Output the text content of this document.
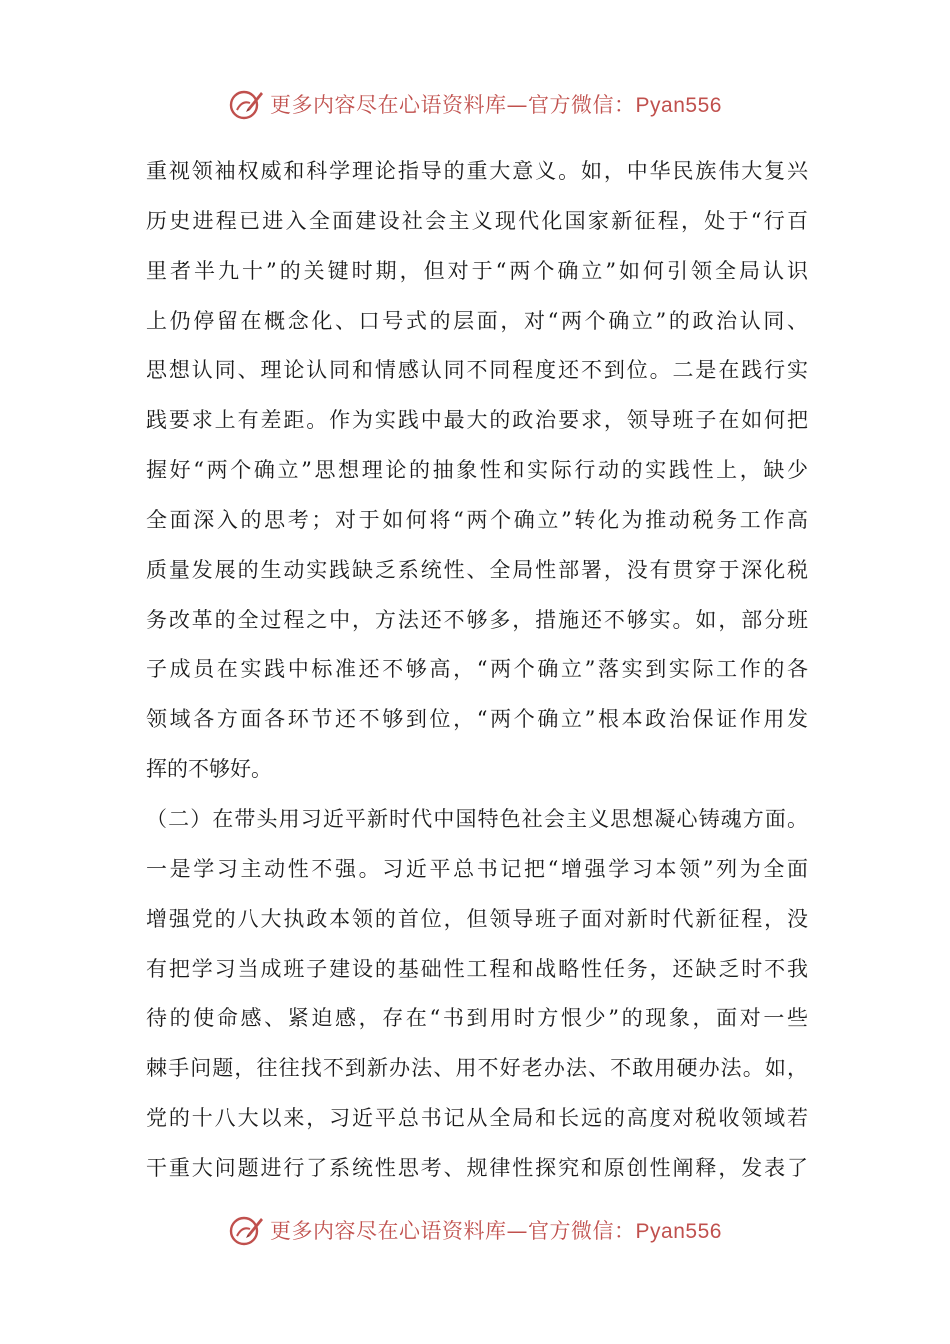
更多内容尽在心语资料库—官方微信：Pyan556
重视领袖权威和科学理论指导的重大意义。如，中华民族伟大复兴
历史进程已进入全面建设社会主义现代化国家新征程，处于“行百
里者半九十”的关键时期，但对于“两个确立”如何引领全局认识
上仍停留在概念化、口号式的层面，对“两个确立”的政治认同、
思想认同、理论认同和情感认同不同程度还不到位。二是在践行实
践要求上有差距。作为实践中最大的政治要求，领导班子在如何把
握好“两个确立”思想理论的抽象性和实际行动的实践性上，缺少
全面深入的思考；对于如何将“两个确立”转化为推动税务工作高
质量发展的生动实践缺乏系统性、全局性部署，没有贯穿于深化税
务改革的全过程之中，方法还不够多，措施还不够实。如，部分班
子成员在实践中标准还不够高，“两个确立”落实到实际工作的各
领域各方面各环节还不够到位，“两个确立”根本政治保证作用发
挥的不够好。
（二）在带头用习近平新时代中国特色社会主义思想凝心铸魂方面。
一是学习主动性不强。习近平总书记把“增强学习本领”列为全面
增强党的八大执政本领的首位，但领导班子面对新时代新征程，没
有把学习当成班子建设的基础性工程和战略性任务，还缺乏时不我
待的使命感、紧迫感，存在“书到用时方恨少”的现象，面对一些
棘手问题，往往找不到新办法、用不好老办法、不敢用硬办法。如，
党的十八大以来，习近平总书记从全局和长远的高度对税收领域若
干重大问题进行了系统性思考、规律性探究和原创性阐释，发表了
更多内容尽在心语资料库—官方微信：Pyan556
